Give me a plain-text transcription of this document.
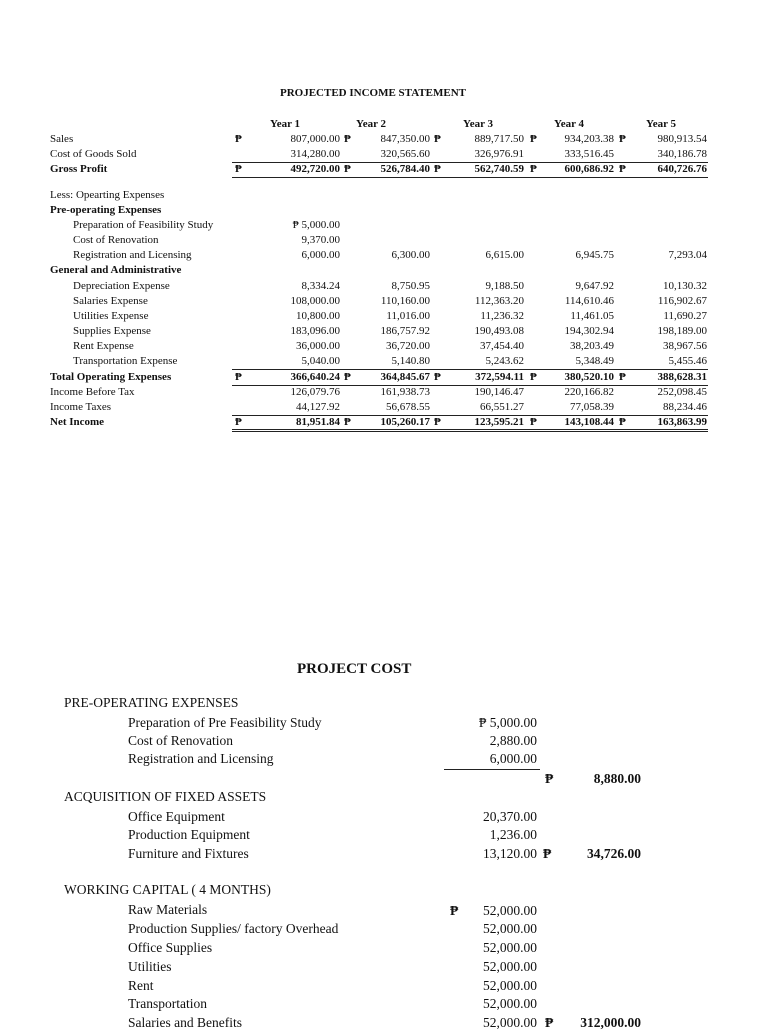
PROJECTED INCOME STATEMENT
Year 1	Year 2	Year 3	Year 4	Year 5
Sales	₱	807,000.00 ₱	847,350.00 ₱	889,717.50 ₱	934,203.38 ₱	980,913.54
Cost of Goods Sold	314,280.00	320,565.60	326,976.91	333,516.45	340,186.78
Gross Profit	₱	492,720.00 ₱	526,784.40 ₱	562,740.59 ₱	600,686.92 ₱	640,726.76
Less: Opearting Expenses
Pre-operating Expenses
Preparation of Feasibility Study	₱ 5,000.00
Cost of Renovation	9,370.00
Registration and Licensing	6,000.00	6,300.00	6,615.00	6,945.75	7,293.04
General and Administrative
Depreciation Expense	8,334.24	8,750.95	9,188.50	9,647.92	10,130.32
Salaries Expense	108,000.00	110,160.00	112,363.20	114,610.46	116,902.67
Utilities Expense	10,800.00	11,016.00	11,236.32	11,461.05	11,690.27
Supplies Expense	183,096.00	186,757.92	190,493.08	194,302.94	198,189.00
Rent Expense	36,000.00	36,720.00	37,454.40	38,203.49	38,967.56
Transportation Expense	5,040.00	5,140.80	5,243.62	5,348.49	5,455.46
Total Operating Expenses	₱	366,640.24 ₱	364,845.67 ₱	372,594.11 ₱	380,520.10 ₱	388,628.31
Income Before Tax	126,079.76	161,938.73	190,146.47	220,166.82	252,098.45
Income Taxes	44,127.92	56,678.55	66,551.27	77,058.39	88,234.46
Net Income	₱	81,951.84 ₱	105,260.17 ₱	123,595.21 ₱	143,108.44 ₱	163,863.99
PROJECT COST
PRE-OPERATING EXPENSES
Preparation of Pre Feasibility Study	₱ 5,000.00
Cost of Renovation	2,880.00
Registration and Licensing	6,000.00
₱	8,880.00
ACQUISITION OF FIXED ASSETS
Office Equipment	20,370.00
Production Equipment	1,236.00
Furniture and Fixtures	13,120.00 ₱	34,726.00
WORKING CAPITAL ( 4 MONTHS)
₱
Raw Materials	52,000.00
Production Supplies/ factory Overhead	52,000.00
Office Supplies	52,000.00
Utilities	52,000.00
Rent	52,000.00
Transportation	52,000.00
Salaries and Benefits	52,000.00 ₱ 312,000.00
